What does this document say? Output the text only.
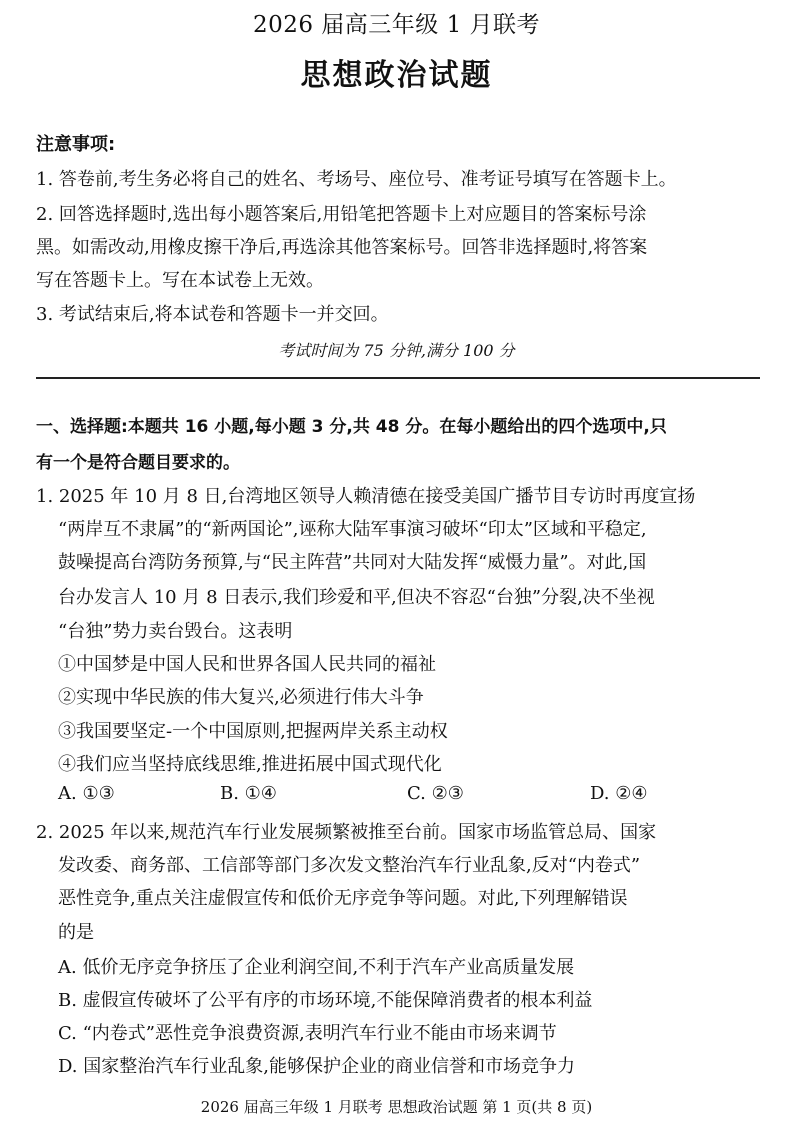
2026 届高三年级 1 月联考
思想政治试题
注意事项:
1. 答卷前,考生务必将自己的姓名、考场号、座位号、准考证号填写在答题卡上。
2. 回答选择题时,选出每小题答案后,用铅笔把答题卡上对应题目的答案标号涂
黑。如需改动,用橡皮擦干净后,再选涂其他答案标号。回答非选择题时,将答案
写在答题卡上。写在本试卷上无效。
3. 考试结束后,将本试卷和答题卡一并交回。
考试时间为 75 分钟,满分 100 分
一、选择题:本题共 16 小题,每小题 3 分,共 48 分。在每小题给出的四个选项中,只
有一个是符合题目要求的。
1. 2025 年 10 月 8 日,台湾地区领导人赖清德在接受美国广播节目专访时再度宣扬
“两岸互不隶属”的“新两国论”,诬称大陆军事演习破坏“印太”区域和平稳定,
鼓噪提高台湾防务预算,与“民主阵营”共同对大陆发挥“威慑力量”。对此,国
台办发言人 10 月 8 日表示,我们珍爱和平,但决不容忍“台独”分裂,决不坐视
“台独”势力卖台毁台。这表明
①中国梦是中国人民和世界各国人民共同的福祉
②实现中华民族的伟大复兴,必须进行伟大斗争
③我国要坚定-一个中国原则,把握两岸关系主动权
④我们应当坚持底线思维,推进拓展中国式现代化
A. ①③	B. ①④	C. ②③	D. ②④
2. 2025 年以来,规范汽车行业发展频繁被推至台前。国家市场监管总局、国家
发改委、商务部、工信部等部门多次发文整治汽车行业乱象,反对“内卷式”
恶性竞争,重点关注虚假宣传和低价无序竞争等问题。对此,下列理解错误
的是
A. 低价无序竞争挤压了企业利润空间,不利于汽车产业高质量发展
B. 虚假宣传破坏了公平有序的市场环境,不能保障消费者的根本利益
C. “内卷式”恶性竞争浪费资源,表明汽车行业不能由市场来调节
D. 国家整治汽车行业乱象,能够保护企业的商业信誉和市场竞争力
2026 届高三年级 1 月联考 思想政治试题 第 1 页(共 8 页)
